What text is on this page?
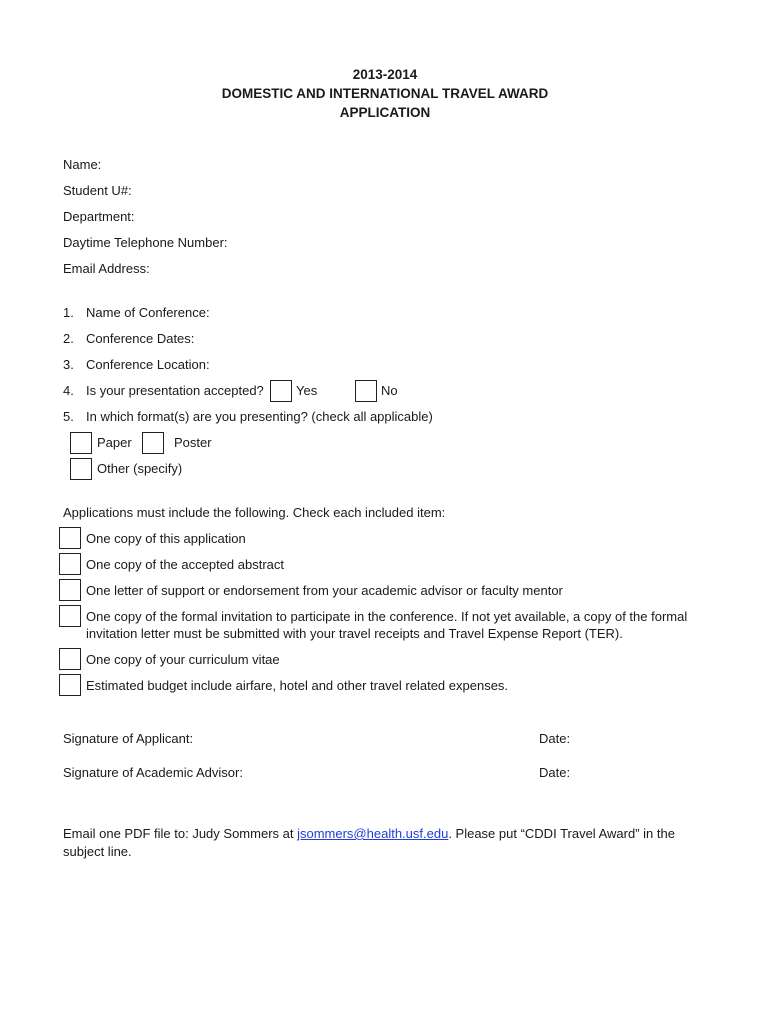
2013-2014
DOMESTIC AND INTERNATIONAL TRAVEL AWARD
APPLICATION
Name:
Student U#:
Department:
Daytime Telephone Number:
Email Address:
1. Name of Conference:
2. Conference Dates:
3. Conference Location:
4. Is your presentation accepted? Yes	No
5. In which format(s) are you presenting? (check all applicable)
Paper	Poster
Other (specify)
Applications must include the following. Check each included item:
One copy of this application
One copy of the accepted abstract
One letter of support or endorsement from your academic advisor or faculty mentor
One copy of the formal invitation to participate in the conference. If not yet available, a copy of the formal
invitation letter must be submitted with your travel receipts and Travel Expense Report (TER).
One copy of your curriculum vitae
Estimated budget include airfare, hotel and other travel related expenses.
Signature of Applicant:	Date:
Signature of Academic Advisor:	Date:
Email one PDF file to: Judy Sommers at jsommers@health.usf.edu. Please put “CDDI Travel Award” in the
subject line.
